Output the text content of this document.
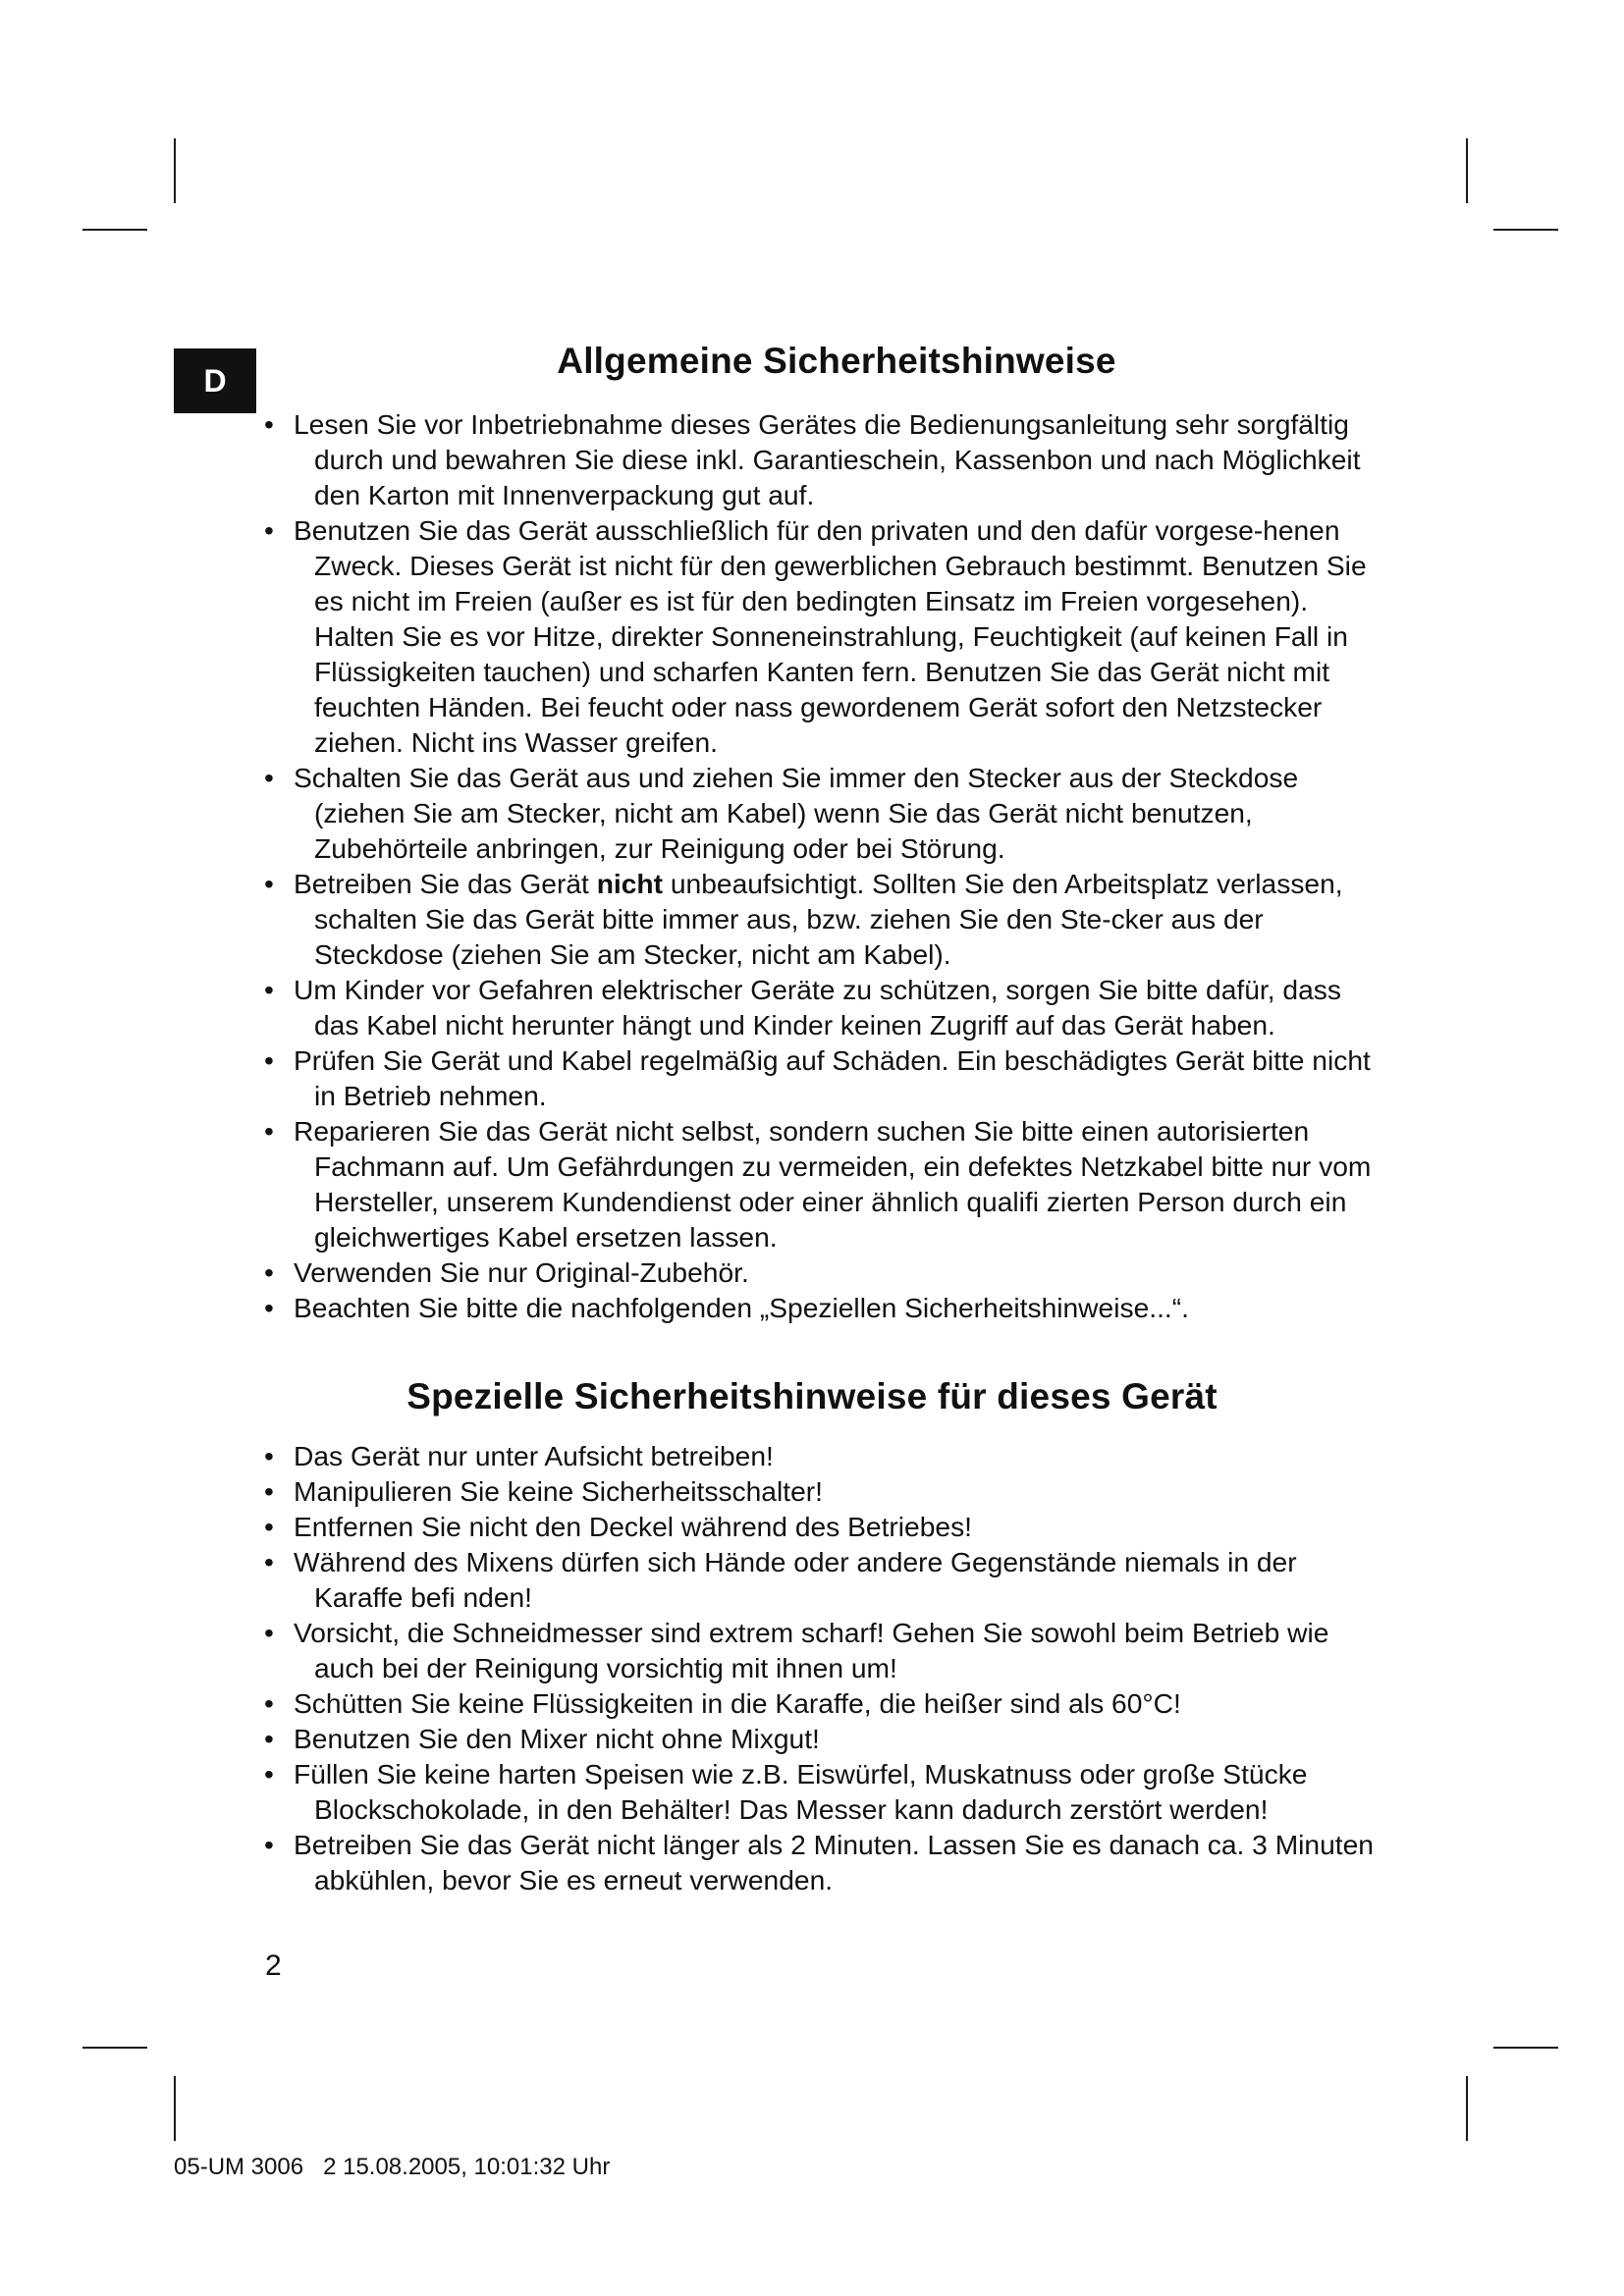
D	Allgemeine Sicherheitshinweise
• Lesen Sie vor Inbetriebnahme dieses Gerätes die Bedienungsanleitung sehr sorgfältig durch und bewahren Sie diese inkl. Garantieschein, Kassenbon und nach Möglichkeit den Karton mit Innenverpackung gut auf.
• Benutzen Sie das Gerät ausschließlich für den privaten und den dafür vorgese-henen Zweck. Dieses Gerät ist nicht für den gewerblichen Gebrauch bestimmt. Benutzen Sie es nicht im Freien (außer es ist für den bedingten Einsatz im Freien vorgesehen). Halten Sie es vor Hitze, direkter Sonneneinstrahlung, Feuchtigkeit (auf keinen Fall in Flüssigkeiten tauchen) und scharfen Kanten fern. Benutzen Sie das Gerät nicht mit feuchten Händen. Bei feucht oder nass gewordenem Gerät sofort den Netzstecker ziehen. Nicht ins Wasser greifen.
• Schalten Sie das Gerät aus und ziehen Sie immer den Stecker aus der Steckdose (ziehen Sie am Stecker, nicht am Kabel) wenn Sie das Gerät nicht benutzen, Zubehörteile anbringen, zur Reinigung oder bei Störung.
• Betreiben Sie das Gerät nicht unbeaufsichtigt. Sollten Sie den Arbeitsplatz verlassen, schalten Sie das Gerät bitte immer aus, bzw. ziehen Sie den Ste-cker aus der Steckdose (ziehen Sie am Stecker, nicht am Kabel).
• Um Kinder vor Gefahren elektrischer Geräte zu schützen, sorgen Sie bitte dafür, dass das Kabel nicht herunter hängt und Kinder keinen Zugriff auf das Gerät haben.
• Prüfen Sie Gerät und Kabel regelmäßig auf Schäden. Ein beschädigtes Gerät bitte nicht in Betrieb nehmen.
• Reparieren Sie das Gerät nicht selbst, sondern suchen Sie bitte einen autorisierten Fachmann auf. Um Gefährdungen zu vermeiden, ein defektes Netzkabel bitte nur vom Hersteller, unserem Kundendienst oder einer ähnlich qualifi zierten Person durch ein gleichwertiges Kabel ersetzen lassen.
• Verwenden Sie nur Original-Zubehör.
• Beachten Sie bitte die nachfolgenden „Speziellen Sicherheitshinweise...“.
Spezielle Sicherheitshinweise für dieses Gerät
• Das Gerät nur unter Aufsicht betreiben!
• Manipulieren Sie keine Sicherheitsschalter!
• Entfernen Sie nicht den Deckel während des Betriebes!
• Während des Mixens dürfen sich Hände oder andere Gegenstände niemals in der Karaffe befi nden!
• Vorsicht, die Schneidmesser sind extrem scharf! Gehen Sie sowohl beim Betrieb wie auch bei der Reinigung vorsichtig mit ihnen um!
• Schütten Sie keine Flüssigkeiten in die Karaffe, die heißer sind als 60°C!
• Benutzen Sie den Mixer nicht ohne Mixgut!
• Füllen Sie keine harten Speisen wie z.B. Eiswürfel, Muskatnuss oder große Stücke Blockschokolade, in den Behälter! Das Messer kann dadurch zerstört werden!
• Betreiben Sie das Gerät nicht länger als 2 Minuten. Lassen Sie es danach ca. 3 Minuten abkühlen, bevor Sie es erneut verwenden.
2
05-UM 3006   2 15.08.2005, 10:01:32 Uhr
